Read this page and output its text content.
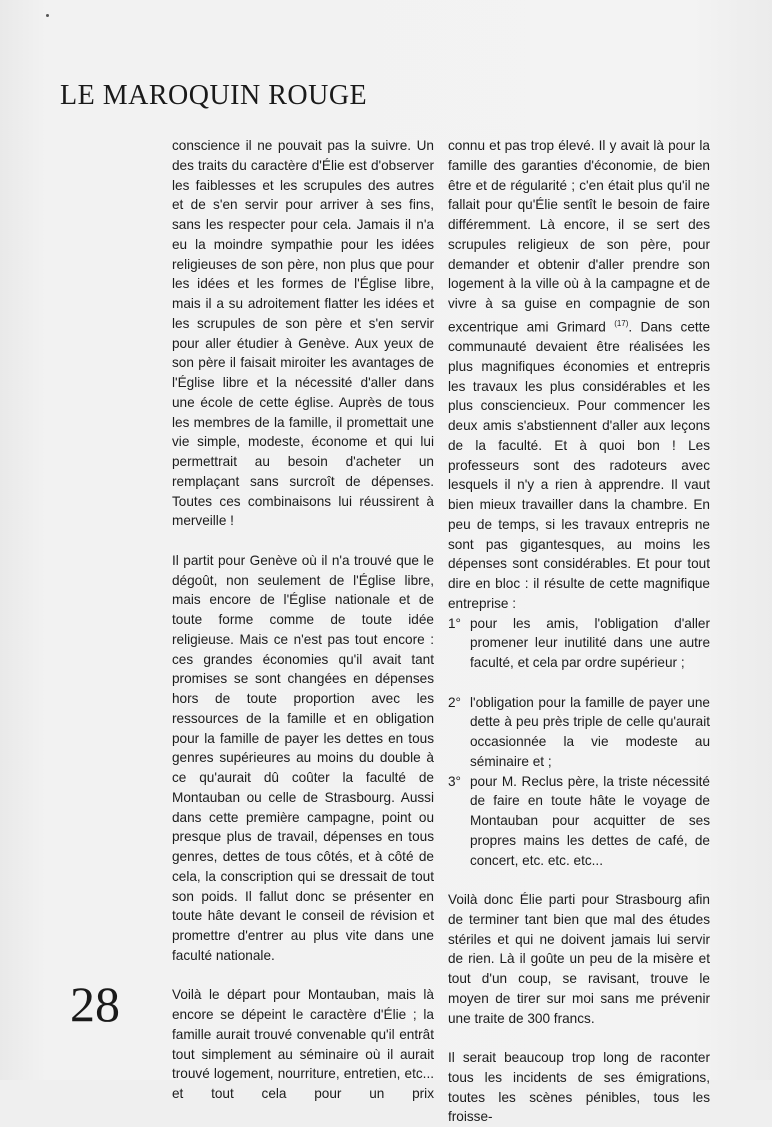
LE MAROQUIN ROUGE

conscience il ne pouvait pas la suivre. Un des traits du caractère d'Élie est d'observer les faiblesses et les scrupules des autres et de s'en servir pour arriver à ses fins, sans les respecter pour cela. Jamais il n'a eu la moindre sympathie pour les idées religieuses de son père, non plus que pour les idées et les formes de l'Église libre, mais il a su adroitement flatter les idées et les scrupules de son père et s'en servir pour aller étudier à Genève. Aux yeux de son père il faisait miroiter les avantages de l'Église libre et la nécessité d'aller dans une école de cette église. Auprès de tous les membres de la famille, il promettait une vie simple, modeste, économe et qui lui permettrait au besoin d'acheter un remplaçant sans surcroît de dépenses. Toutes ces combinaisons lui réussirent à merveille !

Il partit pour Genève où il n'a trouvé que le dégoût, non seulement de l'Église libre, mais encore de l'Église nationale et de toute forme comme de toute idée religieuse. Mais ce n'est pas tout encore : ces grandes économies qu'il avait tant promises se sont changées en dépenses hors de toute proportion avec les ressources de la famille et en obligation pour la famille de payer les dettes en tous genres supérieures au moins du double à ce qu'aurait dû coûter la faculté de Montauban ou celle de Strasbourg. Aussi dans cette première campagne, point ou presque plus de travail, dépenses en tous genres, dettes de tous côtés, et à côté de cela, la conscription qui se dressait de tout son poids. Il fallut donc se présenter en toute hâte devant le conseil de révision et promettre d'entrer au plus vite dans une faculté nationale.

Voilà le départ pour Montauban, mais là encore se dépeint le caractère d'Élie ; la famille aurait trouvé convenable qu'il entrât tout simplement au séminaire où il aurait trouvé logement, nourriture, entretien, etc... et tout cela pour un prix

connu et pas trop élevé. Il y avait là pour la famille des garanties d'économie, de bien être et de régularité ; c'en était plus qu'il ne fallait pour qu'Élie sentît le besoin de faire différemment. Là encore, il se sert des scrupules religieux de son père, pour demander et obtenir d'aller prendre son logement à la ville où à la campagne et de vivre à sa guise en compagnie de son excentrique ami Grimard $^{(17)}$. Dans cette communauté devaient être réalisées les plus magnifiques économies et entrepris les travaux les plus considérables et les plus consciencieux. Pour commencer les deux amis s'abstiennent d'aller aux leçons de la faculté. Et à quoi bon ! Les professeurs sont des radoteurs avec lesquels il n'y a rien à apprendre. Il vaut bien mieux travailler dans la chambre. En peu de temps, si les travaux entrepris ne sont pas gigantesques, au moins les dépenses sont considérables. Et pour tout dire en bloc : il résulte de cette magnifique entreprise :

1° pour les amis, l'obligation d'aller promener leur inutilité dans une autre faculté, et cela par ordre supérieur ;
2° l'obligation pour la famille de payer une dette à peu près triple de celle qu'aurait occasionnée la vie modeste au séminaire et ;
3° pour M. Reclus père, la triste nécessité de faire en toute hâte le voyage de Montauban pour acquitter de ses propres mains les dettes de café, de concert, etc. etc. etc...

Voilà donc Élie parti pour Strasbourg afin de terminer tant bien que mal des études stériles et qui ne doivent jamais lui servir de rien. Là il goûte un peu de la misère et tout d'un coup, se ravisant, trouve le moyen de tirer sur moi sans me prévenir une traite de 300 francs.

Il serait beaucoup trop long de raconter tous les incidents de ses émigrations, toutes les scènes pénibles, tous les froisse-

28
